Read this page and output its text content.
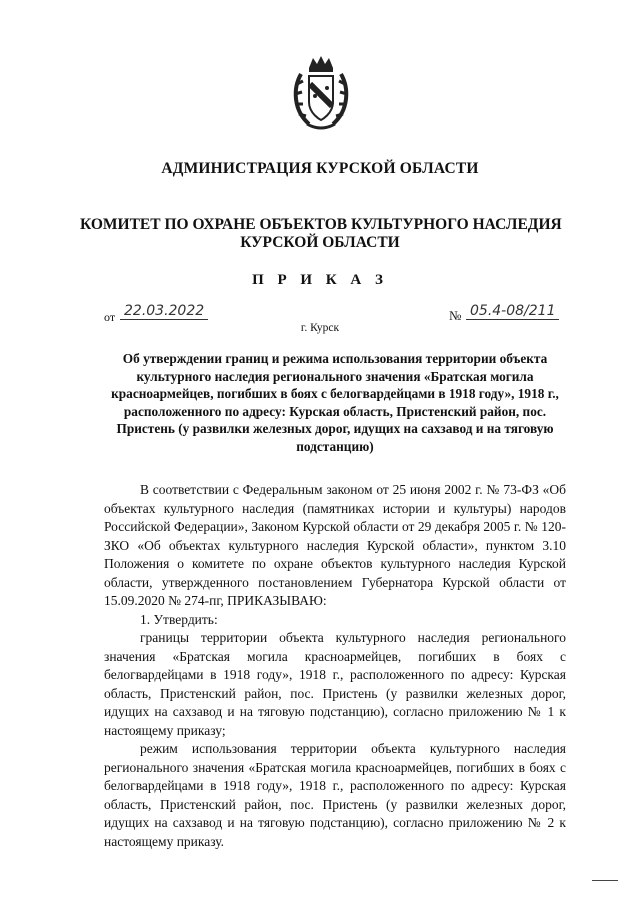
АДМИНИСТРАЦИЯ КУРСКОЙ ОБЛАСТИ
КОМИТЕТ ПО ОХРАНЕ ОБЪЕКТОВ КУЛЬТУРНОГО НАСЛЕДИЯ
КУРСКОЙ ОБЛАСТИ
П Р И К А З
от 22.03.2022	№ 05.4-08/211
г. Курск
Об утверждении границ и режима использования территории объекта культурного наследия регионального значения «Братская могила красноармейцев, погибших в боях с белогвардейцами в 1918 году», 1918 г., расположенного по адресу: Курская область, Пристенский район, пос. Пристень (у развилки железных дорог, идущих на сахзавод и на тяговую подстанцию)

В соответствии с Федеральным законом от 25 июня 2002 г. № 73-ФЗ «Об объектах культурного наследия (памятниках истории и культуры) народов Российской Федерации», Законом Курской области от 29 декабря 2005 г. № 120-ЗКО «Об объектах культурного наследия Курской области», пунктом 3.10 Положения о комитете по охране объектов культурного наследия Курской области, утвержденного постановлением Губернатора Курской области от 15.09.2020 № 274-пг, ПРИКАЗЫВАЮ:

1. Утвердить:

границы территории объекта культурного наследия регионального значения «Братская могила красноармейцев, погибших в боях с белогвардейцами в 1918 году», 1918 г., расположенного по адресу: Курская область, Пристенский район, пос. Пристень (у развилки железных дорог, идущих на сахзавод и на тяговую подстанцию), согласно приложению № 1 к настоящему приказу;

режим использования территории объекта культурного наследия регионального значения «Братская могила красноармейцев, погибших в боях с белогвардейцами в 1918 году», 1918 г., расположенного по адресу: Курская область, Пристенский район, пос. Пристень (у развилки железных дорог, идущих на сахзавод и на тяговую подстанцию), согласно приложению № 2 к настоящему приказу.
